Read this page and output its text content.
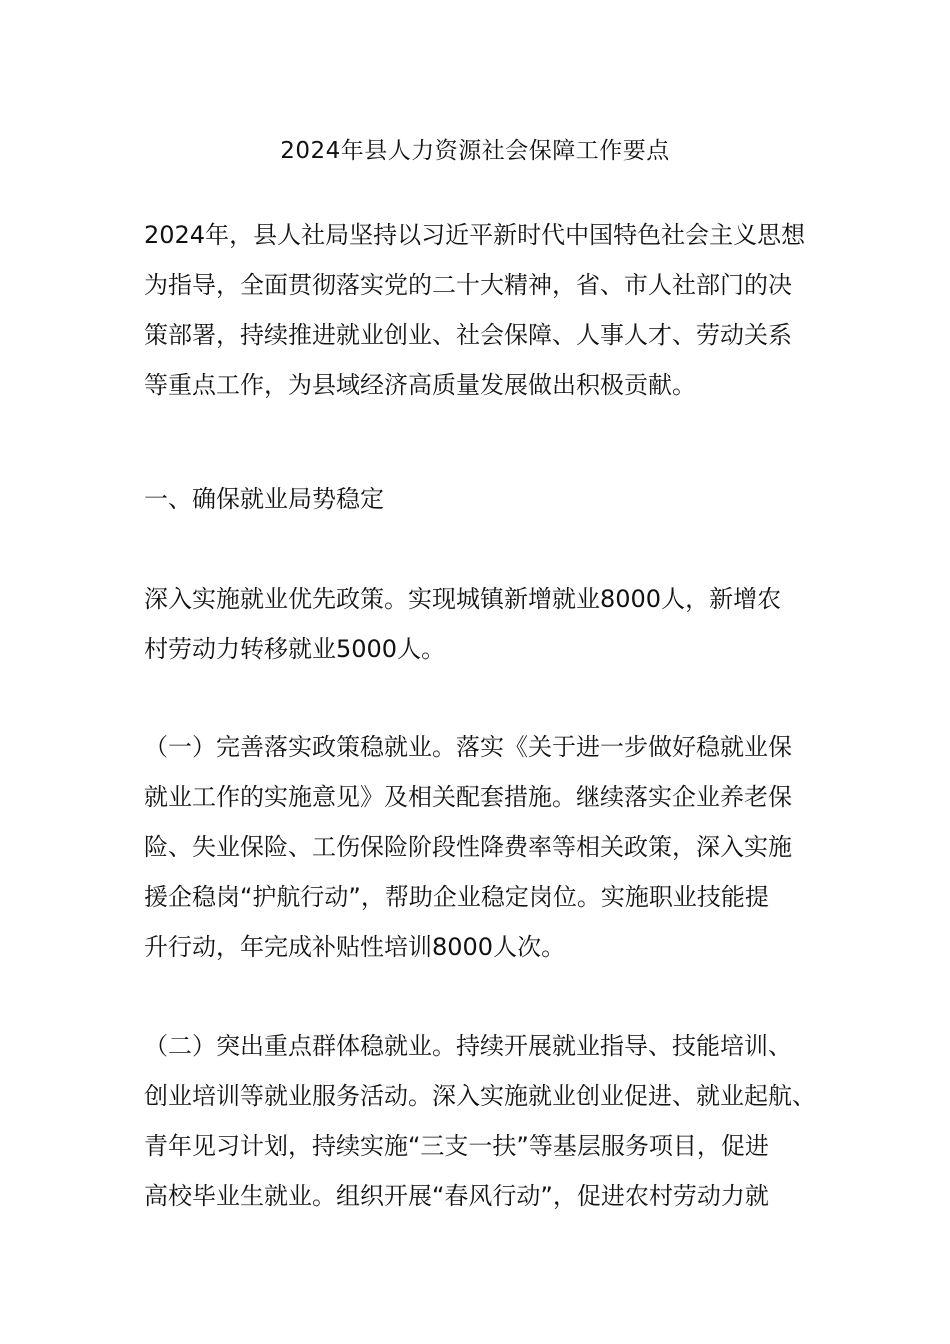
2024年县人力资源社会保障工作要点
2024年，县人社局坚持以习近平新时代中国特色社会主义思想
为指导，全面贯彻落实党的二十大精神，省、市人社部门的决
策部署，持续推进就业创业、社会保障、人事人才、劳动关系
等重点工作，为县域经济高质量发展做出积极贡献。
一、确保就业局势稳定
深入实施就业优先政策。实现城镇新增就业8000人，新增农
村劳动力转移就业5000人。
（一）完善落实政策稳就业。落实《关于进一步做好稳就业保
就业工作的实施意见》及相关配套措施。继续落实企业养老保
险、失业保险、工伤保险阶段性降费率等相关政策，深入实施
援企稳岗“护航行动”，帮助企业稳定岗位。实施职业技能提
升行动，年完成补贴性培训8000人次。
（二）突出重点群体稳就业。持续开展就业指导、技能培训、
创业培训等就业服务活动。深入实施就业创业促进、就业起航、
青年见习计划，持续实施“三支一扶”等基层服务项目，促进
高校毕业生就业。组织开展“春风行动”，促进农村劳动力就
